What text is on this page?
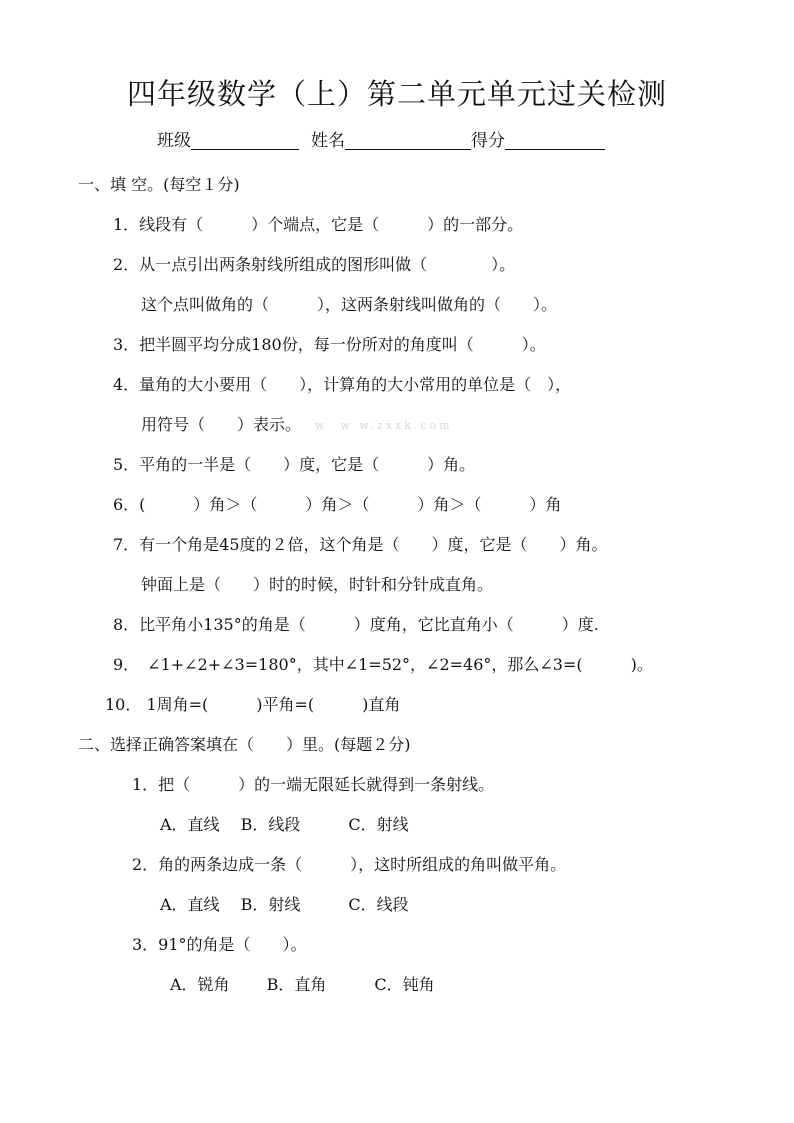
四年级数学（上）第二单元单元过关检测
班级	姓名	得分
一、填 空。(每空１分)
1．线段有（　　　）个端点，它是（　　　）的一部分。
2．从一点引出两条射线所组成的图形叫做（　　　　）。
这个点叫做角的（　　　），这两条射线叫做角的（　　）。
3．把半圆平均分成180份，每一份所对的角度叫（　　　）。
4．量角的大小要用（　　），计算角的大小常用的单位是（　），
用符号（　　）表示。 w  w w.zxxk.com
5．平角的一半是（　　）度，它是（　　　）角。
6．(　　　）角＞（　　　）角＞（　　　）角＞（　　　）角
7．有一个角是45度的２倍，这个角是（　　）度，它是（　　）角。
钟面上是（　　）时的时候，时针和分针成直角。
8．比平角小135°的角是（　　　）度角，它比直角小（　　　）度.
9．　∠1+∠2+∠3=180°，其中∠1=52°，∠2=46°，那么∠3=(　　　)。
10． 1周角=(　　　)平角=(　　　)直角
二、选择正确答案填在（　　）里。(每题２分)
1．把（　　　）的一端无限延长就得到一条射线。
A．直线　 B．线段　　　C．射线
2．角的两条边成一条（　　　），这时所组成的角叫做平角。
A．直线　 B．射线　　　C．线段
3．91°的角是（　　）。
A．锐角　　 B．直角　　　C．钝角
